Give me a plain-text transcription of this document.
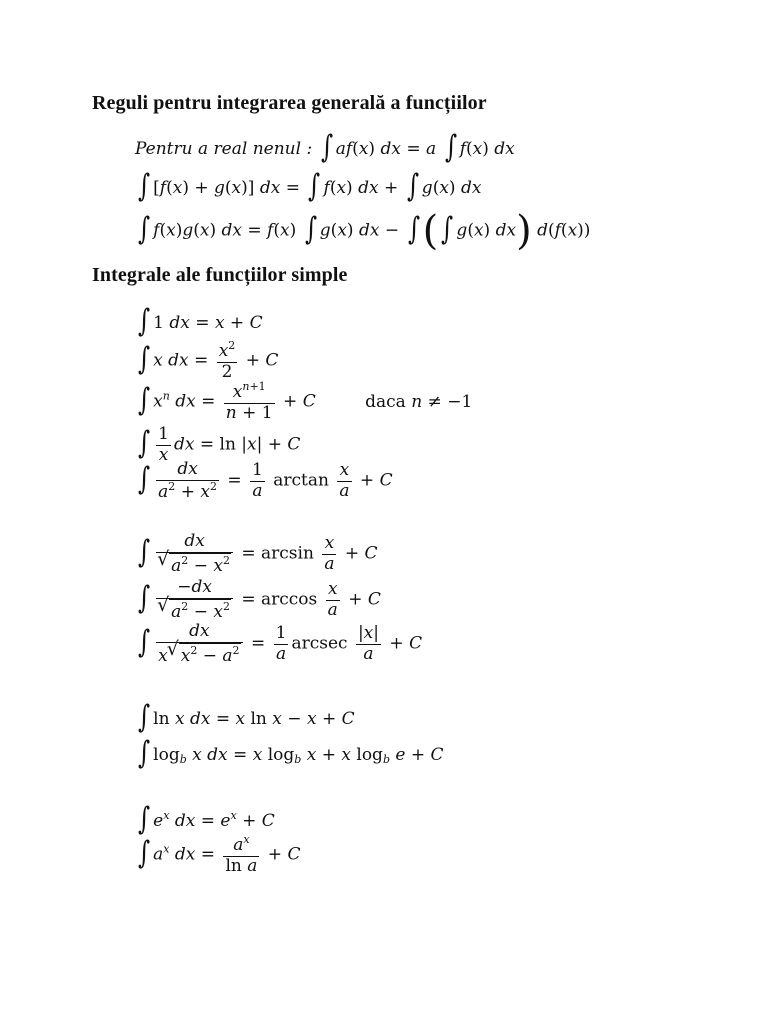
Reguli pentru integrarea generală a funcțiilor
Pentru a real nenul : ∫ af(x) dx = a ∫ f(x) dx
∫ [f(x) + g(x)] dx = ∫ f(x) dx + ∫ g(x) dx
∫ f(x)g(x) dx = f(x) ∫ g(x) dx − ∫(∫ g(x) dx) d(f(x))
Integrale ale funcțiilor simple
∫ 1 dx = x + C
∫ x dx = $\frac{x^2}{2} + C$
∫ $x^n$ dx = $\frac{x^{n+1}}{n + 1} + C$	daca n ≠ −1
∫ $\frac{1}{x}$ dx = ln |x| + C
∫ $\frac{dx}{a^2 + x^2} = \frac{1}{a}$ $\arctan \frac{x}{a} + C$
∫ dx
√ $a^2 - x^2 = \arcsin \frac{x}{a} + C$
∫ −dx
√ $a^2 - x^2 = \arccos \frac{x}{a} + C$
∫ $\frac{dx}{x√ x^2 - a^2} = \frac{1}{a}$ arcsec $\frac{|x|}{a} + C$
∫ ln x dx = x ln x − x + C
∫ $\log_b x$ dx = x $\log_b x + x$ $\log_b e + C$
∫ $e^x$ dx = $e^x + C$
∫ $a^x$ dx = $\frac{a^x}{\text{ln a}} + C$
